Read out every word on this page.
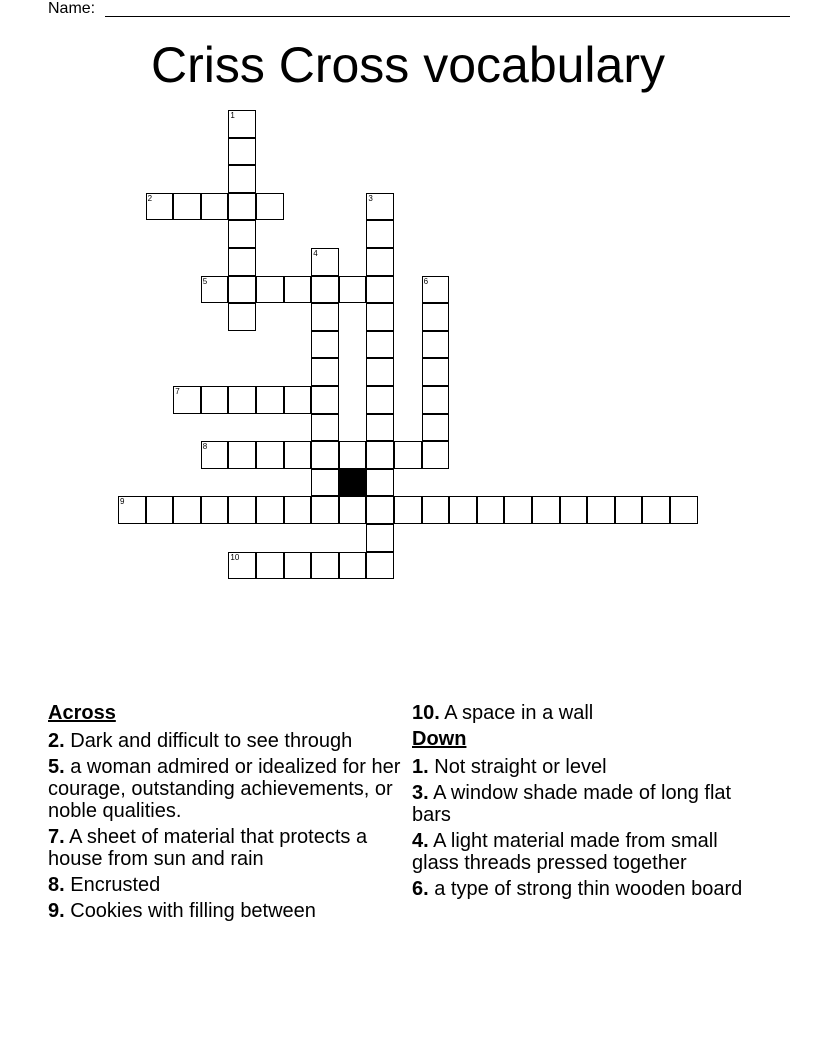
Name:
Criss Cross vocabulary
1
2	3
4
5	6
7
8
9
10
Across
2. Dark and difficult to see through
5. a woman admired or idealized for her courage, outstanding achievements, or noble qualities.
7. A sheet of material that protects a house from sun and rain
8. Encrusted
9. Cookies with filling between
10. A space in a wall
Down
1. Not straight or level
3. A window shade made of long flat bars
4. A light material made from small glass threads pressed together
6. a type of strong thin wooden board
